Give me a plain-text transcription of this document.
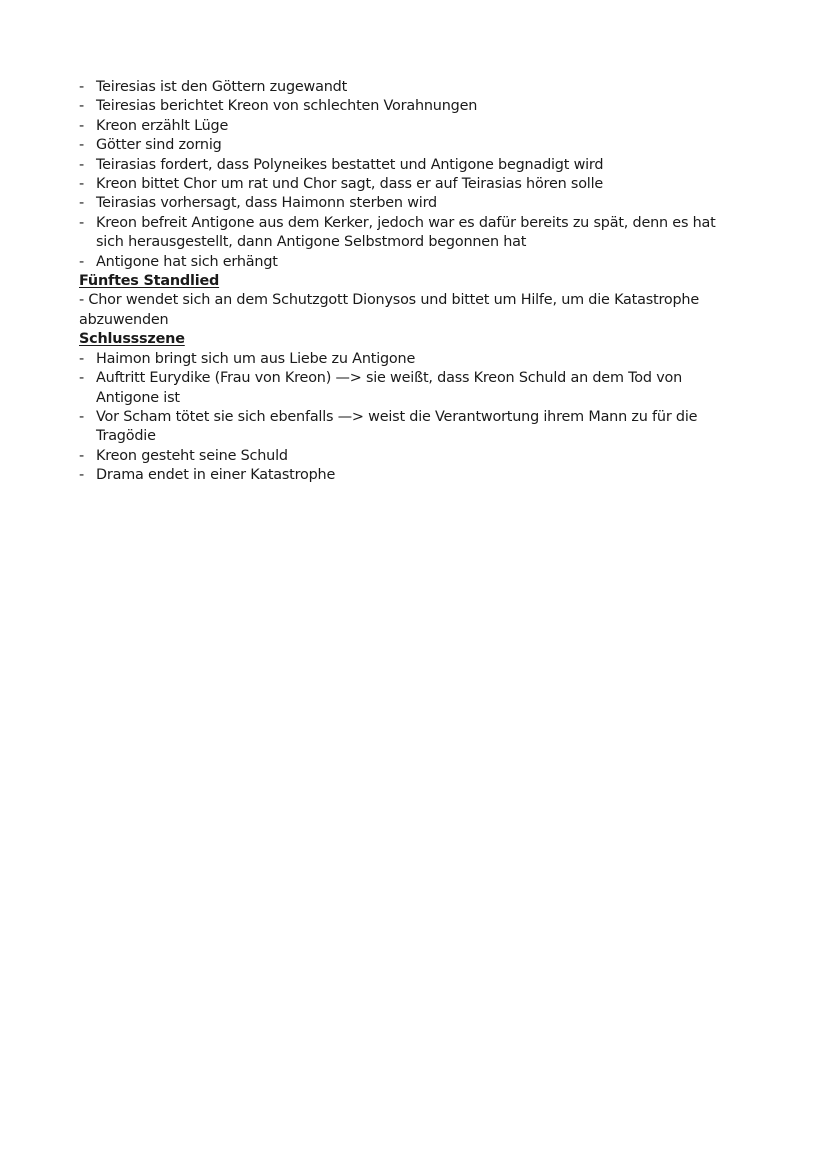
- Teiresias ist den Göttern zugewandt
- Teiresias berichtet Kreon von schlechten Vorahnungen
- Kreon erzählt Lüge
- Götter sind zornig
- Teirasias fordert, dass Polyneikes bestattet und Antigone begnadigt wird
- Kreon bittet Chor um rat und Chor sagt, dass er auf Teirasias hören solle
- Teirasias vorhersagt, dass Haimonn sterben wird
- Kreon befreit Antigone aus dem Kerker, jedoch war es dafür bereits zu spät, denn es hat sich herausgestellt, dann Antigone Selbstmord begonnen hat
- Antigone hat sich erhängt

Fünftes Standlied

- Chor wendet sich an dem Schutzgott Dionysos und bittet um Hilfe, um die Katastrophe abzuwenden

Schlussszene

- Haimon bringt sich um aus Liebe zu Antigone
- Auftritt Eurydike (Frau von Kreon) —> sie weißt, dass Kreon Schuld an dem Tod von Antigone ist
- Vor Scham tötet sie sich ebenfalls —> weist die Verantwortung ihrem Mann zu für die Tragödie
- Kreon gesteht seine Schuld
- Drama endet in einer Katastrophe
